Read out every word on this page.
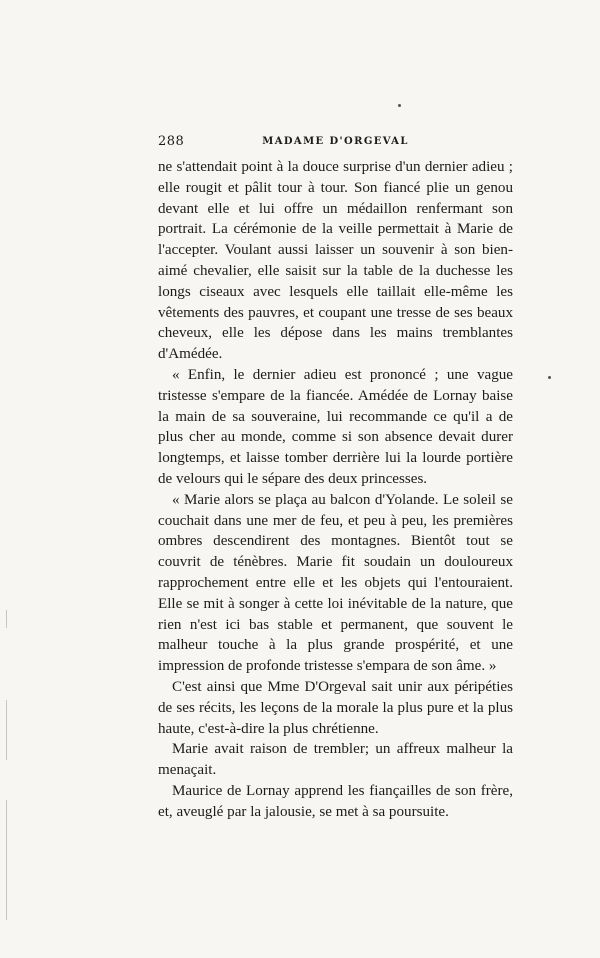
288	MADAME D'ORGEVAL

ne s'attendait point à la douce surprise d'un dernier adieu ; elle rougit et pâlit tour à tour. Son fiancé plie un genou devant elle et lui offre un médaillon renfermant son portrait. La cérémonie de la veille permettait à Marie de l'accepter. Voulant aussi laisser un souvenir à son bien-aimé chevalier, elle saisit sur la table de la duchesse les longs ciseaux avec lesquels elle taillait elle-même les vêtements des pauvres, et coupant une tresse de ses beaux cheveux, elle les dépose dans les mains tremblantes d'Amédée.

« Enfin, le dernier adieu est prononcé ; une vague tristesse s'empare de la fiancée. Amédée de Lornay baise la main de sa souveraine, lui recommande ce qu'il a de plus cher au monde, comme si son absence devait durer longtemps, et laisse tomber derrière lui la lourde portière de velours qui le sépare des deux princesses.

« Marie alors se plaça au balcon d'Yolande. Le soleil se couchait dans une mer de feu, et peu à peu, les premières ombres descendirent des montagnes. Bientôt tout se couvrit de ténèbres. Marie fit soudain un douloureux rapprochement entre elle et les objets qui l'entouraient. Elle se mit à songer à cette loi inévitable de la nature, que rien n'est ici bas stable et permanent, que souvent le malheur touche à la plus grande prospérité, et une impression de profonde tristesse s'empara de son âme. »

C'est ainsi que Mme D'Orgeval sait unir aux péripéties de ses récits, les leçons de la morale la plus pure et la plus haute, c'est-à-dire la plus chrétienne.

Marie avait raison de trembler; un affreux malheur la menaçait.

Maurice de Lornay apprend les fiançailles de son frère, et, aveuglé par la jalousie, se met à sa poursuite.
